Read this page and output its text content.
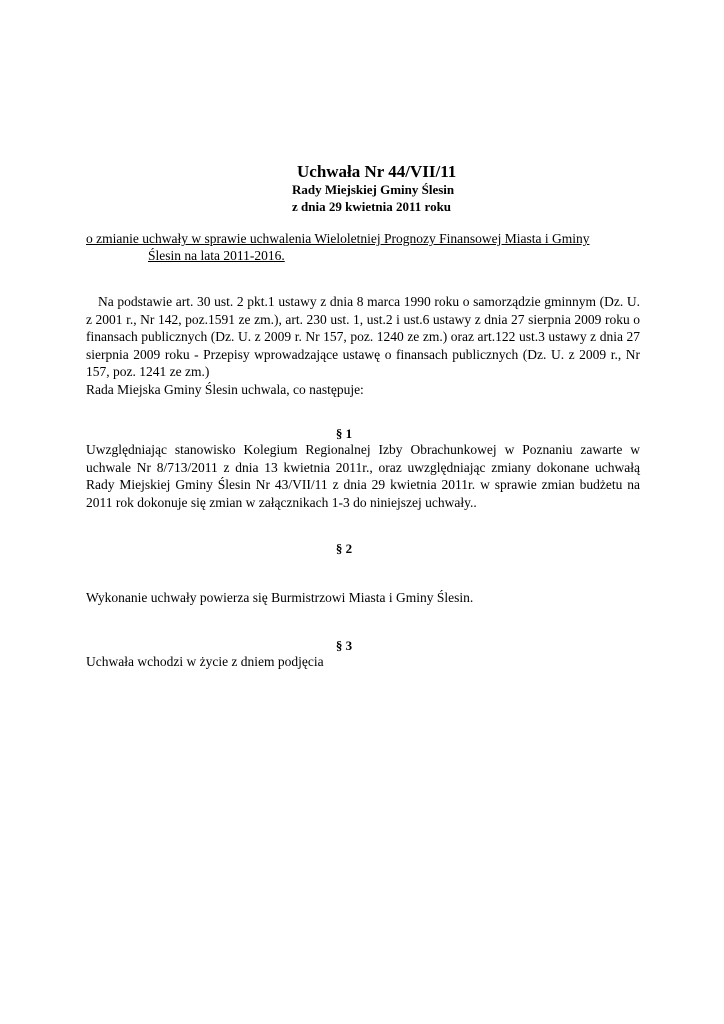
Uchwała Nr 44/VII/11
Rady Miejskiej Gminy Ślesin
z dnia 29 kwietnia 2011 roku
o zmianie uchwały w sprawie uchwalenia Wieloletniej Prognozy Finansowej Miasta i Gminy
Ślesin na lata 2011-2016.

Na podstawie art. 30 ust. 2 pkt.1 ustawy z dnia 8 marca 1990 roku o samorządzie gminnym (Dz. U. z 2001 r., Nr 142, poz.1591 ze zm.), art. 230 ust. 1, ust.2 i ust.6 ustawy z dnia 27 sierpnia 2009 roku o finansach publicznych (Dz. U. z 2009 r. Nr 157, poz. 1240 ze zm.) oraz art.122 ust.3 ustawy z dnia 27 sierpnia 2009 roku - Przepisy wprowadzające ustawę o finansach publicznych (Dz. U. z 2009 r., Nr 157, poz. 1241 ze zm.)

Rada Miejska Gminy Ślesin uchwala, co następuje:
§ 1

Uwzględniając stanowisko Kolegium Regionalnej Izby Obrachunkowej w Poznaniu zawarte w uchwale Nr 8/713/2011 z dnia 13 kwietnia 2011r., oraz uwzględniając zmiany dokonane uchwałą Rady Miejskiej Gminy Ślesin Nr 43/VII/11 z dnia 29 kwietnia 2011r. w sprawie zmian budżetu na 2011 rok dokonuje się zmian w załącznikach 1-3 do niniejszej uchwały..

§ 2

Wykonanie uchwały powierza się Burmistrzowi Miasta i Gminy Ślesin.

§ 3

Uchwała wchodzi w życie z dniem podjęcia
